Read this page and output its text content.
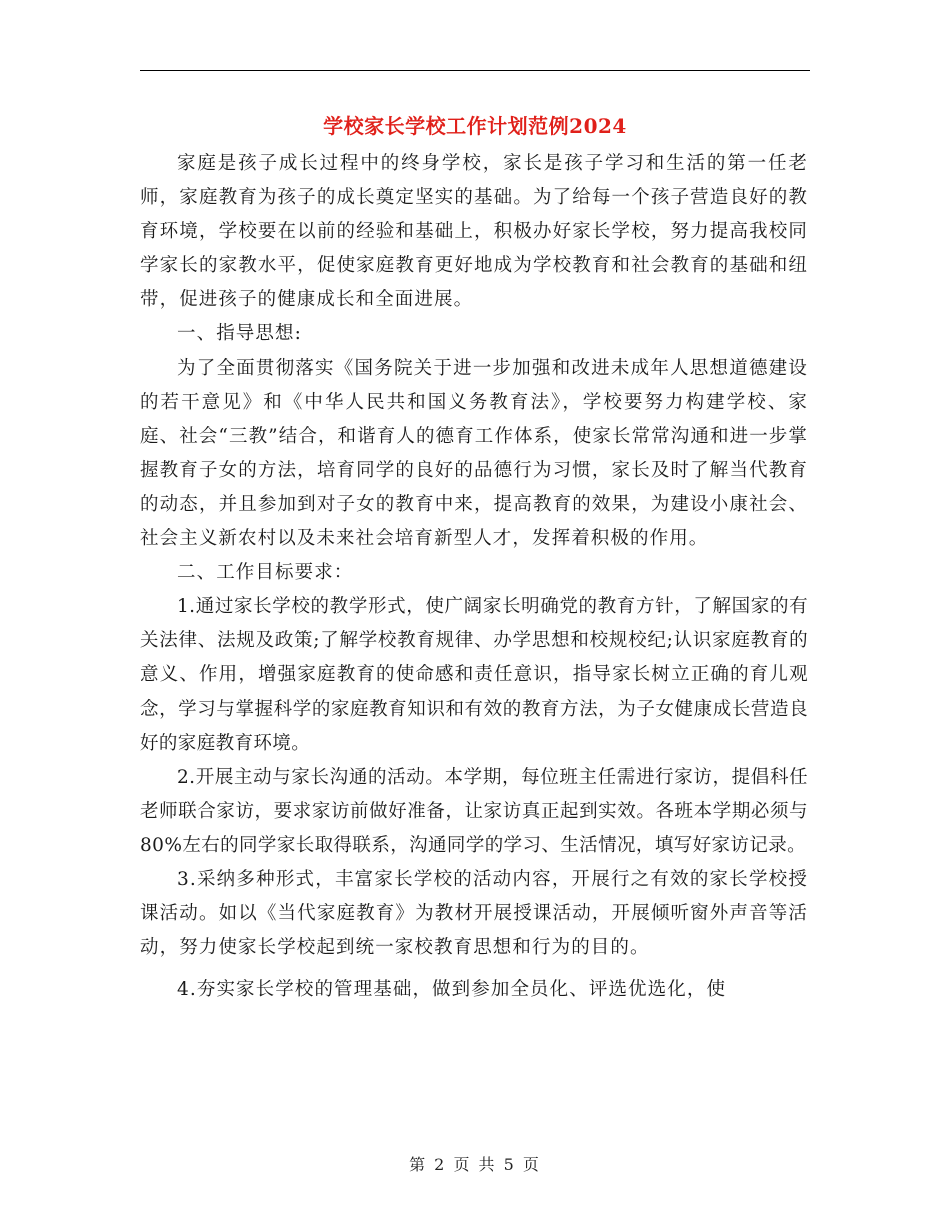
学校家长学校工作计划范例2024

家庭是孩子成长过程中的终身学校，家长是孩子学习和生活的第一任老师，家庭教育为孩子的成长奠定坚实的基础。为了给每一个孩子营造良好的教育环境，学校要在以前的经验和基础上，积极办好家长学校，努力提高我校同学家长的家教水平，促使家庭教育更好地成为学校教育和社会教育的基础和纽带，促进孩子的健康成长和全面进展。

一、指导思想:

为了全面贯彻落实《国务院关于进一步加强和改进未成年人思想道德建设的若干意见》和《中华人民共和国义务教育法》，学校要努力构建学校、家庭、社会“三教”结合，和谐育人的德育工作体系，使家长常常沟通和进一步掌握教育子女的方法，培育同学的良好的品德行为习惯，家长及时了解当代教育的动态，并且参加到对子女的教育中来，提高教育的效果，为建设小康社会、社会主义新农村以及未来社会培育新型人才，发挥着积极的作用。

二、工作目标要求：

1.通过家长学校的教学形式，使广阔家长明确党的教育方针，了解国家的有关法律、法规及政策;了解学校教育规律、办学思想和校规校纪;认识家庭教育的意义、作用，增强家庭教育的使命感和责任意识，指导家长树立正确的育儿观念，学习与掌握科学的家庭教育知识和有效的教育方法，为子女健康成长营造良好的家庭教育环境。

2.开展主动与家长沟通的活动。本学期，每位班主任需进行家访，提倡科任老师联合家访，要求家访前做好准备，让家访真正起到实效。各班本学期必须与80%左右的同学家长取得联系，沟通同学的学习、生活情况，填写好家访记录。

3.采纳多种形式，丰富家长学校的活动内容，开展行之有效的家长学校授课活动。如以《当代家庭教育》为教材开展授课活动，开展倾听窗外声音等活动，努力使家长学校起到统一家校教育思想和行为的目的。

4.夯实家长学校的管理基础，做到参加全员化、评选优选化，使

第 2 页 共 5 页
